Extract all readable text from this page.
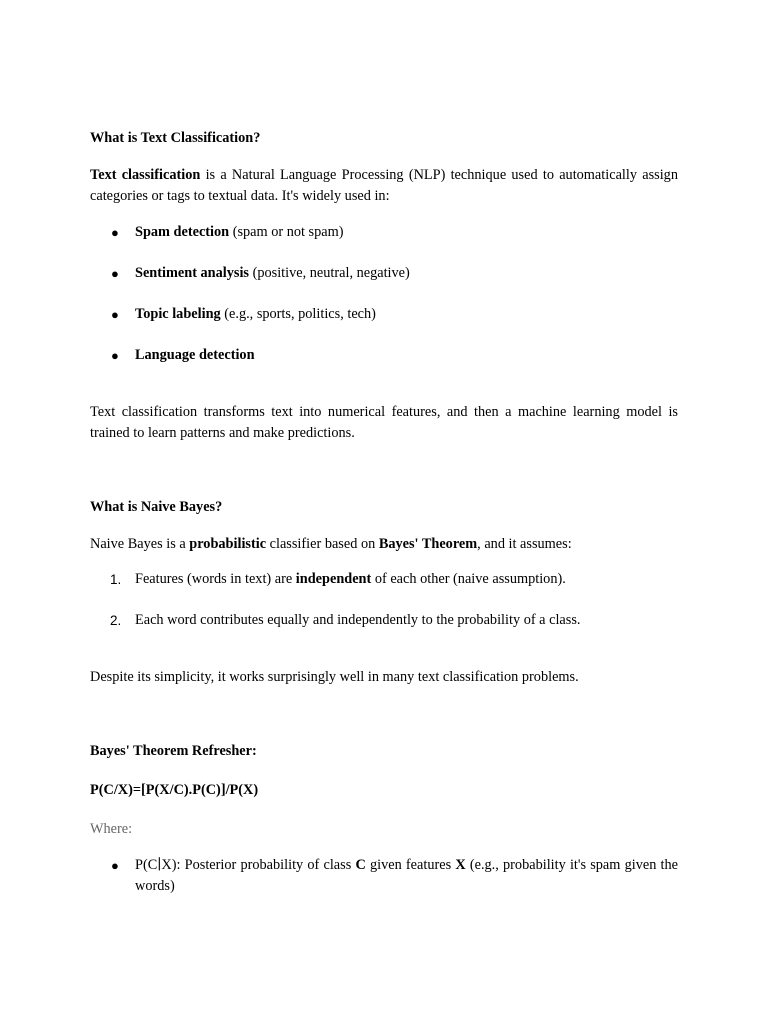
What is Text Classification?

Text classification is a Natural Language Processing (NLP) technique used to automatically assign categories or tags to textual data. It's widely used in:

● Spam detection (spam or not spam)
● Sentiment analysis (positive, neutral, negative)
● Topic labeling (e.g., sports, politics, tech)
● Language detection

Text classification transforms text into numerical features, and then a machine learning model is trained to learn patterns and make predictions.

What is Naive Bayes?

Naive Bayes is a probabilistic classifier based on Bayes' Theorem, and it assumes:

1. Features (words in text) are independent of each other (naive assumption).
2. Each word contributes equally and independently to the probability of a class.

Despite its simplicity, it works surprisingly well in many text classification problems.

Bayes' Theorem Refresher:
P(C/X)=[P(X/C).P(C)]/P(X)
Where:
● P(C∣X): Posterior probability of class C given features X (e.g., probability it's spam given the words)
